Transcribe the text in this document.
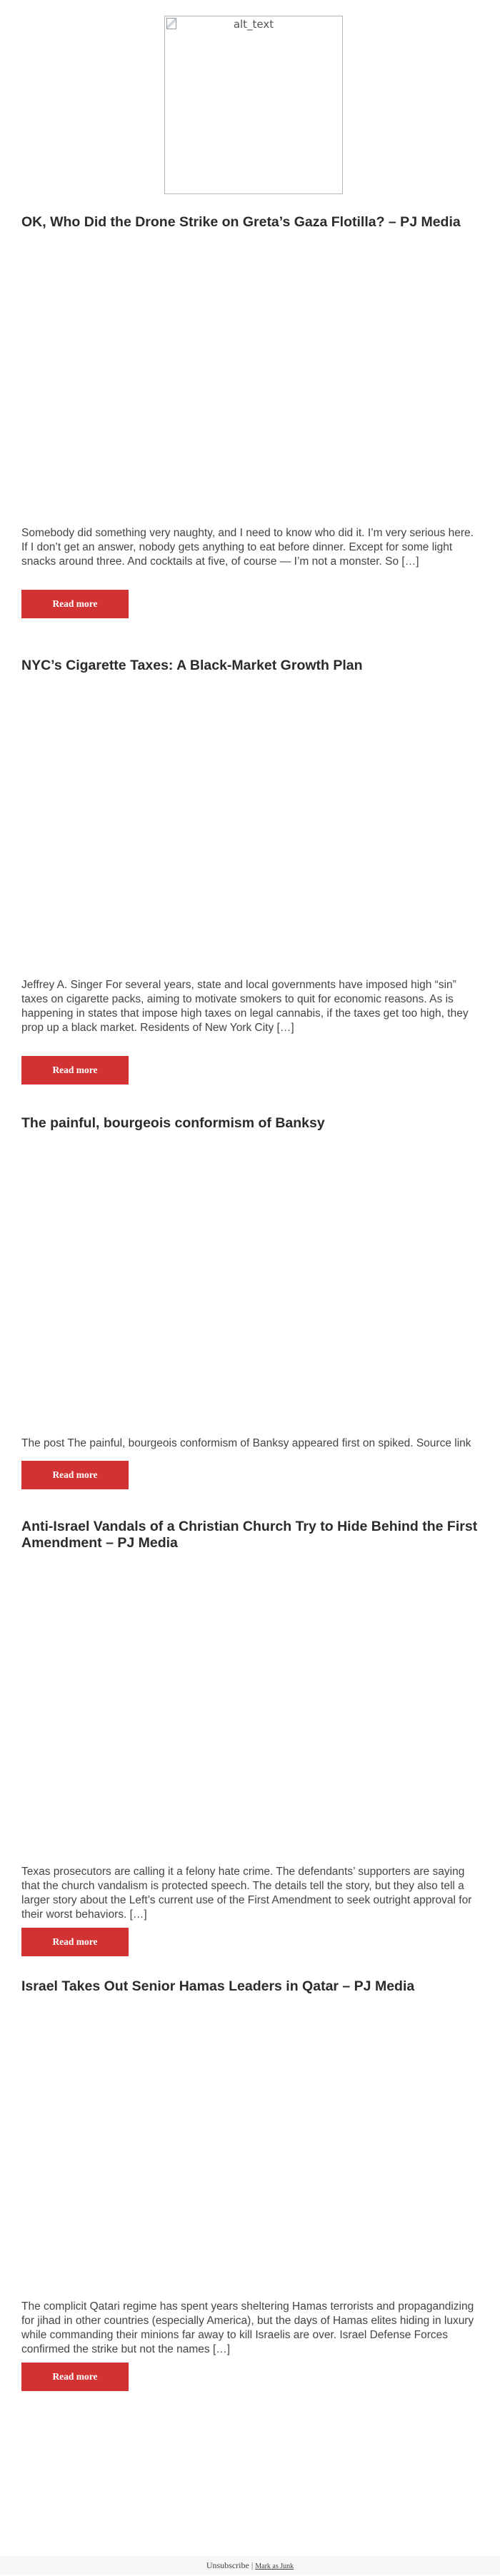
alt_text
OK, Who Did the Drone Strike on Greta’s Gaza Flotilla? – PJ Media

Somebody did something very naughty, and I need to know who did it. I’m very serious here. If I don’t get an answer, nobody gets anything to eat before dinner. Except for some light snacks around three. And cocktails at five, of course — I’m not a monster. So […]

Read more
NYC’s Cigarette Taxes: A Black-Market Growth Plan

Jeffrey A. Singer For several years, state and local governments have imposed high “sin” taxes on cigarette packs, aiming to motivate smokers to quit for economic reasons. As is happening in states that impose high taxes on legal cannabis, if the taxes get too high, they prop up a black market. Residents of New York City […]

Read more
The painful, bourgeois conformism of Banksy

The post The painful, bourgeois conformism of Banksy appeared first on spiked. Source link

Read more
Anti-Israel Vandals of a Christian Church Try to Hide Behind the First Amendment – PJ Media

Texas prosecutors are calling it a felony hate crime. The defendants’ supporters are saying that the church vandalism is protected speech. The details tell the story, but they also tell a larger story about the Left’s current use of the First Amendment to seek outright approval for their worst behaviors. […]

Read more
Israel Takes Out Senior Hamas Leaders in Qatar – PJ Media

The complicit Qatari regime has spent years sheltering Hamas terrorists and propagandizing for jihad in other countries (especially America), but the days of Hamas elites hiding in luxury while commanding their minions far away to kill Israelis are over. Israel Defense Forces confirmed the strike but not the names […]

Read more
Unsubscribe | Mark as Junk
